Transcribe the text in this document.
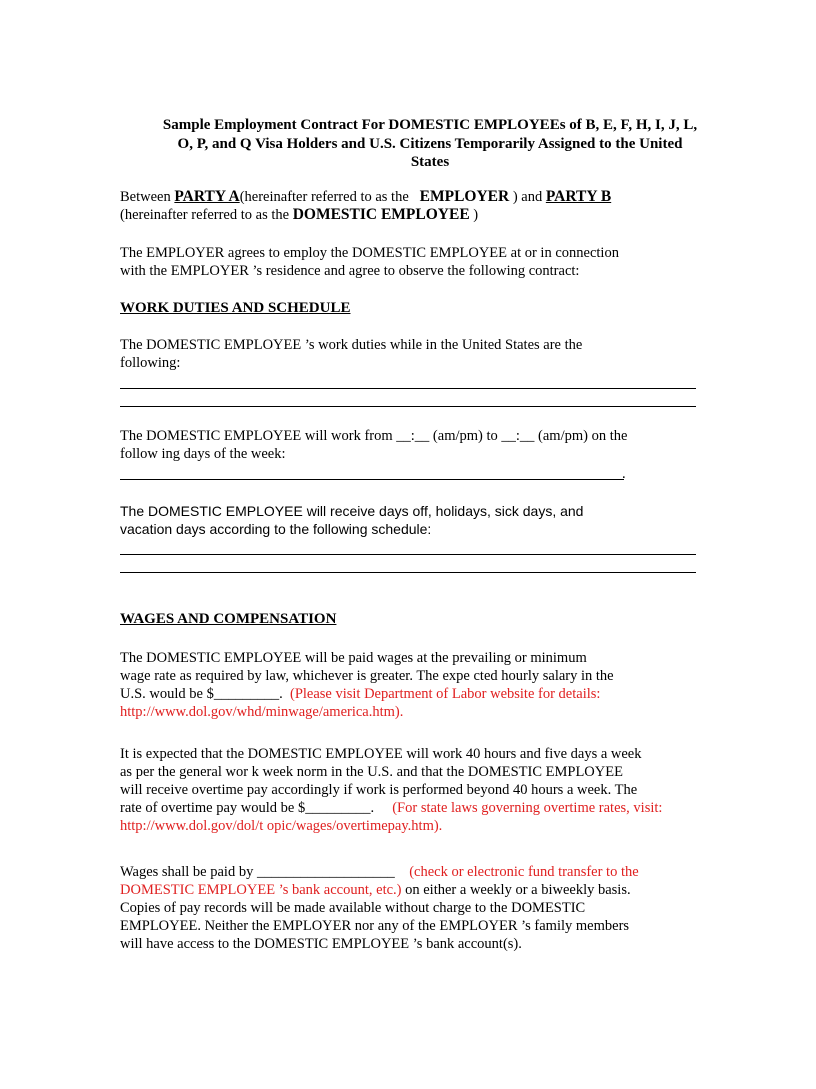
Sample Employment Contract For DOMESTIC EMPLOYEEs of B, E, F, H, I, J, L,
O, P, and Q Visa Holders and U.S. Citizens Temporarily Assigned to the United
States
Between PARTY A(hereinafter referred to as the EMPLOYER ) and PARTY B
(hereinafter referred to as the DOMESTIC EMPLOYEE )
The EMPLOYER agrees to employ the DOMESTIC EMPLOYEE at or in connection
with the EMPLOYER ’s residence and agree to observe the following contract:
WORK DUTIES AND SCHEDULE
The DOMESTIC EMPLOYEE ’s work duties while in the United States are the
following:
The DOMESTIC EMPLOYEE will work from __:__ (am/pm) to __:__ (am/pm) on the
follow ing days of the week:
.
The DOMESTIC EMPLOYEE will receive days off, holidays, sick days, and
vacation days according to the following schedule:
WAGES AND COMPENSATION
The DOMESTIC EMPLOYEE will be paid wages at the prevailing or minimum
wage rate as required by law, whichever is greater. The expe cted hourly salary in the
U.S. would be $_________. (Please visit Department of Labor website for details:
http://www.dol.gov/whd/minwage/america.htm).
It is expected that the DOMESTIC EMPLOYEE will work 40 hours and five days a week
as per the general wor k week norm in the U.S. and that the DOMESTIC EMPLOYEE
will receive overtime pay accordingly if work is performed beyond 40 hours a week. The
rate of overtime pay would be $_________. (For state laws governing overtime rates, visit:
http://www.dol.gov/dol/t opic/wages/overtimepay.htm).
Wages shall be paid by ___________________ (check or electronic fund transfer to the
DOMESTIC EMPLOYEE ’s bank account, etc.) on either a weekly or a biweekly basis.
Copies of pay records will be made available without charge to the DOMESTIC
EMPLOYEE. Neither the EMPLOYER nor any of the EMPLOYER ’s family members
will have access to the DOMESTIC EMPLOYEE ’s bank account(s).
